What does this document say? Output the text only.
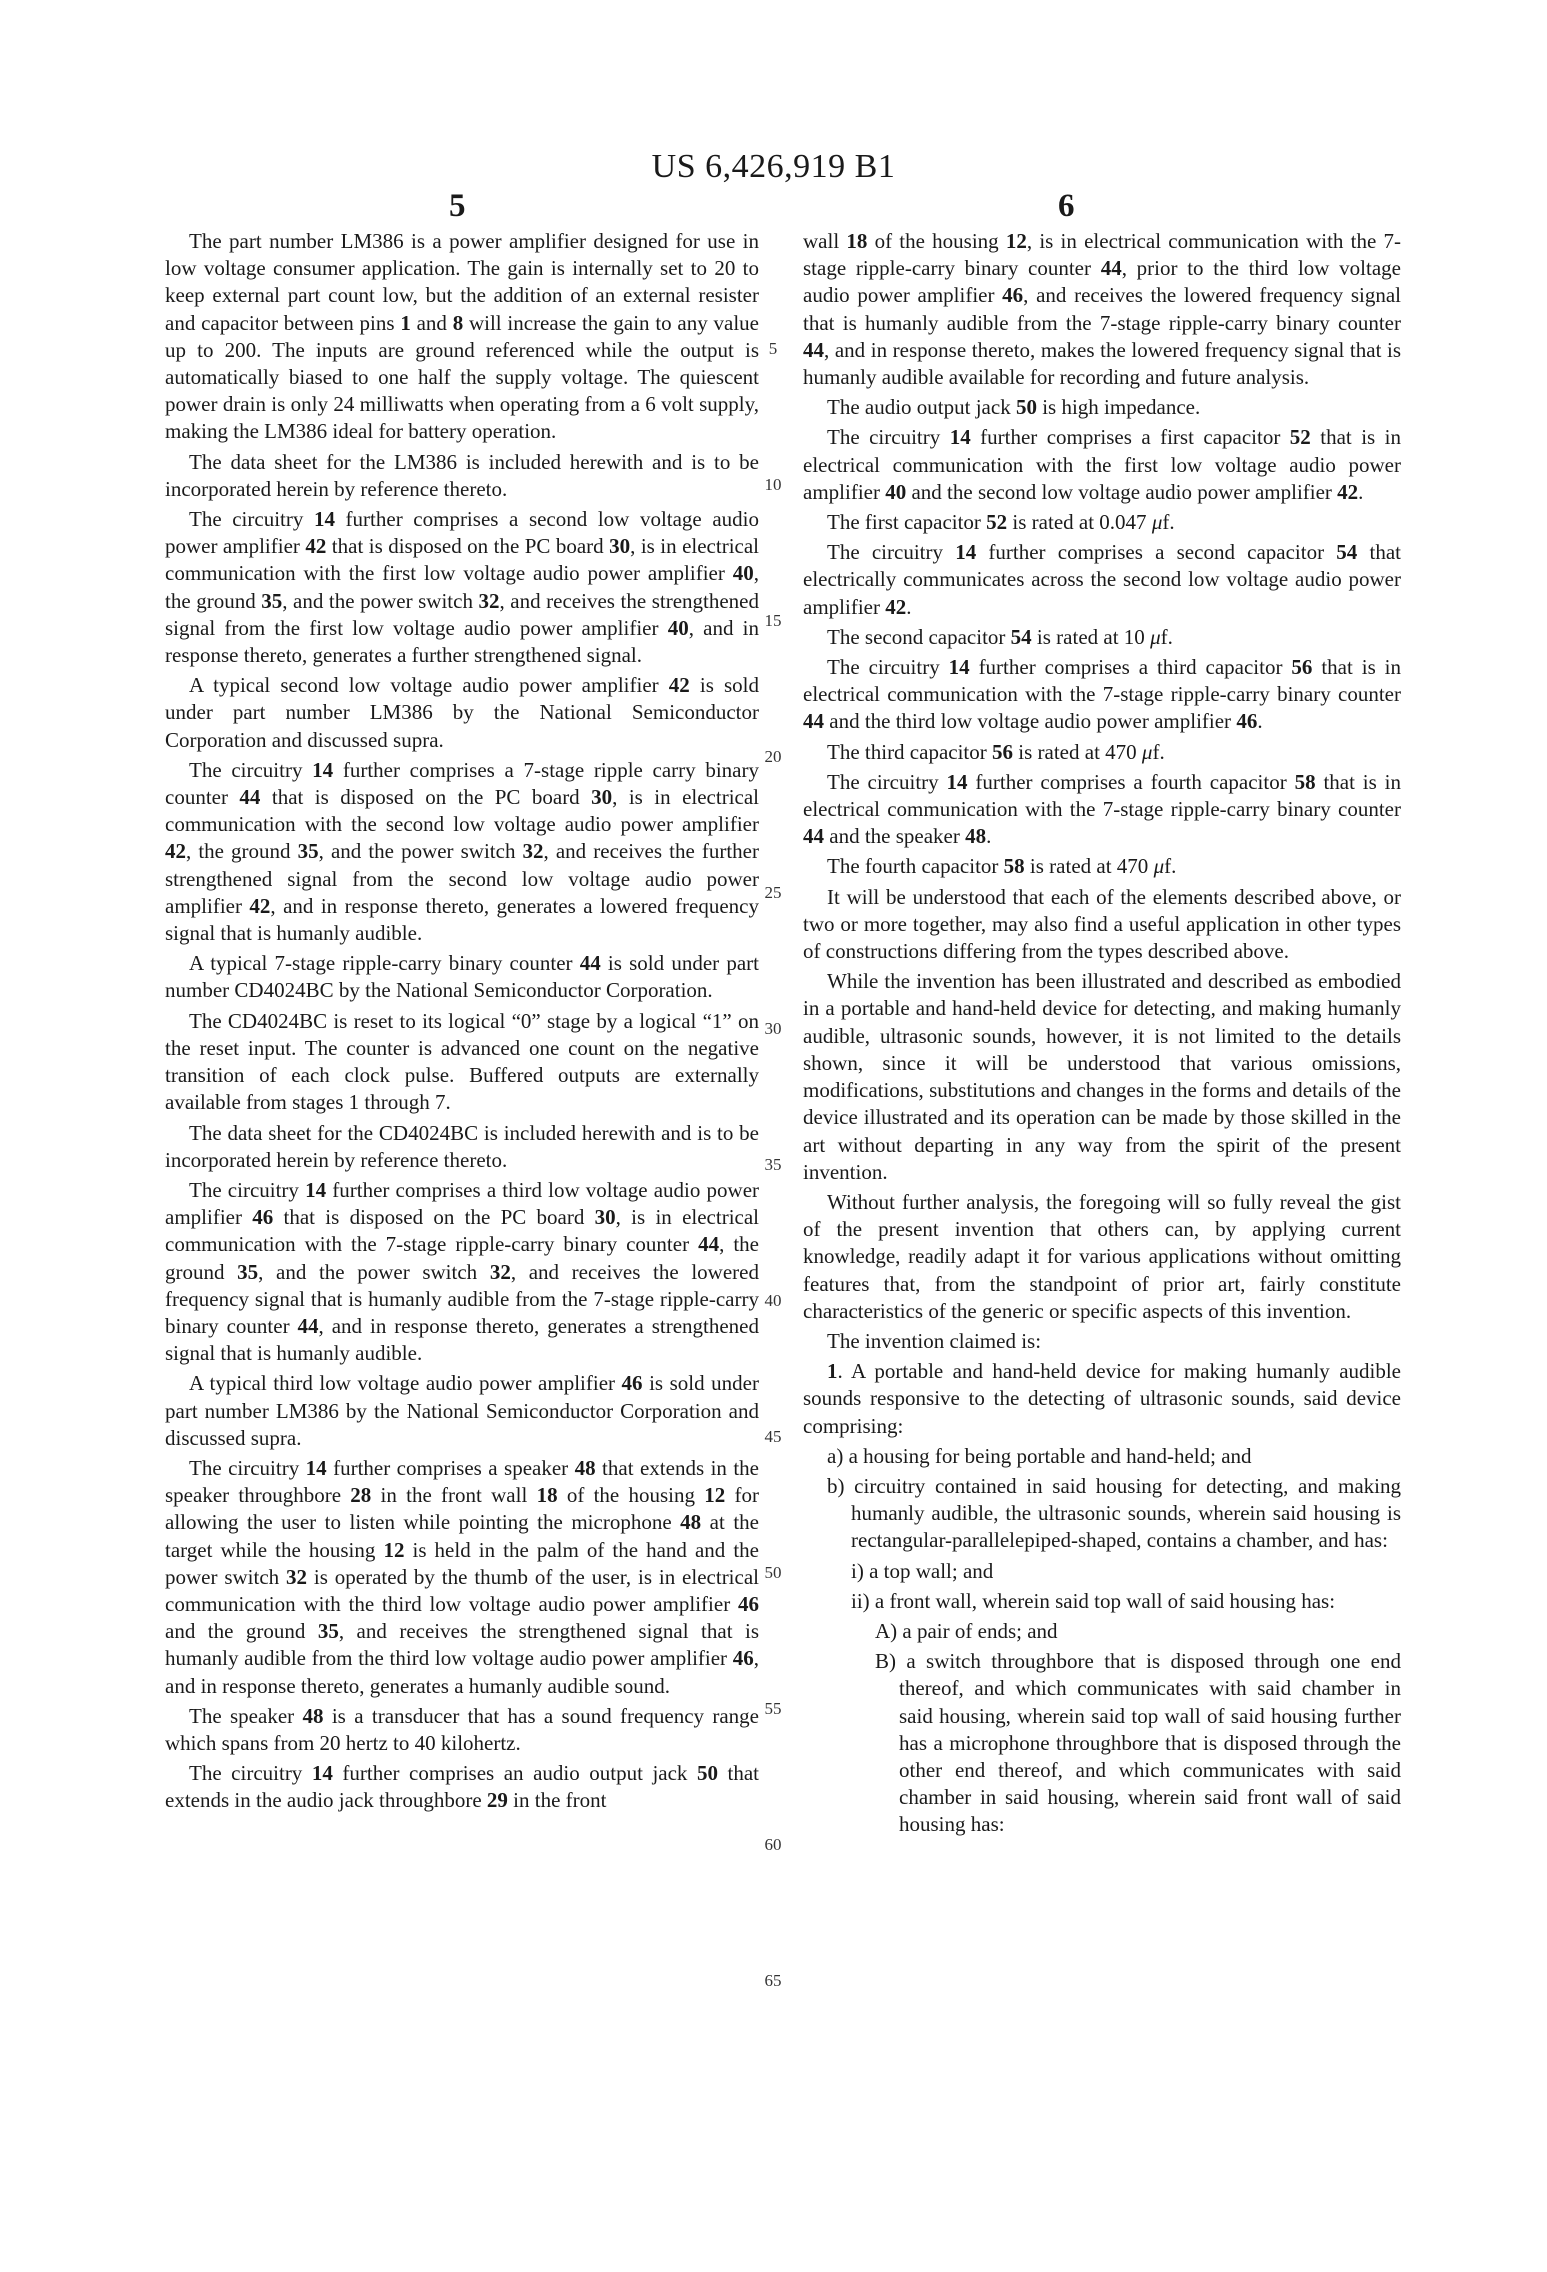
US 6,426,919 B1
5	6

The part number LM386 is a power amplifier designed for use in low voltage consumer application. The gain is internally set to 20 to keep external part count low, but the addition of an external resister and capacitor between pins 1 and 8 will increase the gain to any value up to 200. The inputs are ground referenced while the output is automatically biased to one half the supply voltage. The quiescent power drain is only 24 milliwatts when operating from a 6 volt supply, making the LM386 ideal for battery operation.

The data sheet for the LM386 is included herewith and is to be incorporated herein by reference thereto.

The circuitry 14 further comprises a second low voltage audio power amplifier 42 that is disposed on the PC board 30, is in electrical communication with the first low voltage audio power amplifier 40, the ground 35, and the power switch 32, and receives the strengthened signal from the first low voltage audio power amplifier 40, and in response thereto, generates a further strengthened signal.

A typical second low voltage audio power amplifier 42 is sold under part number LM386 by the National Semiconductor Corporation and discussed supra.

The circuitry 14 further comprises a 7-stage ripple carry binary counter 44 that is disposed on the PC board 30, is in electrical communication with the second low voltage audio power amplifier 42, the ground 35, and the power switch 32, and receives the further strengthened signal from the second low voltage audio power amplifier 42, and in response thereto, generates a lowered frequency signal that is humanly audible.

A typical 7-stage ripple-carry binary counter 44 is sold under part number CD4024BC by the National Semiconductor Corporation.

The CD4024BC is reset to its logical “0” stage by a logical “1” on the reset input. The counter is advanced one count on the negative transition of each clock pulse. Buffered outputs are externally available from stages 1 through 7.

The data sheet for the CD4024BC is included herewith and is to be incorporated herein by reference thereto.

The circuitry 14 further comprises a third low voltage audio power amplifier 46 that is disposed on the PC board 30, is in electrical communication with the 7-stage ripple-carry binary counter 44, the ground 35, and the power switch 32, and receives the lowered frequency signal that is humanly audible from the 7-stage ripple-carry binary counter 44, and in response thereto, generates a strengthened signal that is humanly audible.

A typical third low voltage audio power amplifier 46 is sold under part number LM386 by the National Semiconductor Corporation and discussed supra.

The circuitry 14 further comprises a speaker 48 that extends in the speaker throughbore 28 in the front wall 18 of the housing 12 for allowing the user to listen while pointing the microphone 48 at the target while the housing 12 is held in the palm of the hand and the power switch 32 is operated by the thumb of the user, is in electrical communication with the third low voltage audio power amplifier 46 and the ground 35, and receives the strengthened signal that is humanly audible from the third low voltage audio power amplifier 46, and in response thereto, generates a humanly audible sound.

The speaker 48 is a transducer that has a sound frequency range which spans from 20 hertz to 40 kilohertz.

The circuitry 14 further comprises an audio output jack 50 that extends in the audio jack throughbore 29 in the front

wall 18 of the housing 12, is in electrical communication with the 7-stage ripple-carry binary counter 44, prior to the third low voltage audio power amplifier 46, and receives the lowered frequency signal that is humanly audible from the 7-stage ripple-carry binary counter 44, and in response thereto, makes the lowered frequency signal that is humanly audible available for recording and future analysis.

The audio output jack 50 is high impedance.

The circuitry 14 further comprises a first capacitor 52 that is in electrical communication with the first low voltage audio power amplifier 40 and the second low voltage audio power amplifier 42.

The first capacitor 52 is rated at 0.047 μf.

The circuitry 14 further comprises a second capacitor 54 that electrically communicates across the second low voltage audio power amplifier 42.

The second capacitor 54 is rated at 10 μf.

The circuitry 14 further comprises a third capacitor 56 that is in electrical communication with the 7-stage ripple-carry binary counter 44 and the third low voltage audio power amplifier 46.

The third capacitor 56 is rated at 470 μf.

The circuitry 14 further comprises a fourth capacitor 58 that is in electrical communication with the 7-stage ripple-carry binary counter 44 and the speaker 48.

The fourth capacitor 58 is rated at 470 μf.

It will be understood that each of the elements described above, or two or more together, may also find a useful application in other types of constructions differing from the types described above.

While the invention has been illustrated and described as embodied in a portable and hand-held device for detecting, and making humanly audible, ultrasonic sounds, however, it is not limited to the details shown, since it will be understood that various omissions, modifications, substitutions and changes in the forms and details of the device illustrated and its operation can be made by those skilled in the art without departing in any way from the spirit of the present invention.

Without further analysis, the foregoing will so fully reveal the gist of the present invention that others can, by applying current knowledge, readily adapt it for various applications without omitting features that, from the standpoint of prior art, fairly constitute characteristics of the generic or specific aspects of this invention.

The invention claimed is:

1. A portable and hand-held device for making humanly audible sounds responsive to the detecting of ultrasonic sounds, said device comprising:

a) a housing for being portable and hand-held; and

b) circuitry contained in said housing for detecting, and making humanly audible, the ultrasonic sounds, wherein said housing is rectangular-parallelepiped-shaped, contains a chamber, and has:

i) a top wall; and

ii) a front wall, wherein said top wall of said housing has:

A) a pair of ends; and

B) a switch throughbore that is disposed through one end thereof, and which communicates with said chamber in said housing, wherein said top wall of said housing further has a microphone throughbore that is disposed through the other end thereof, and which communicates with said chamber in said housing, wherein said front wall of said housing has:

5
10
15
20
25
30
35
40
45
50
55
60
65
